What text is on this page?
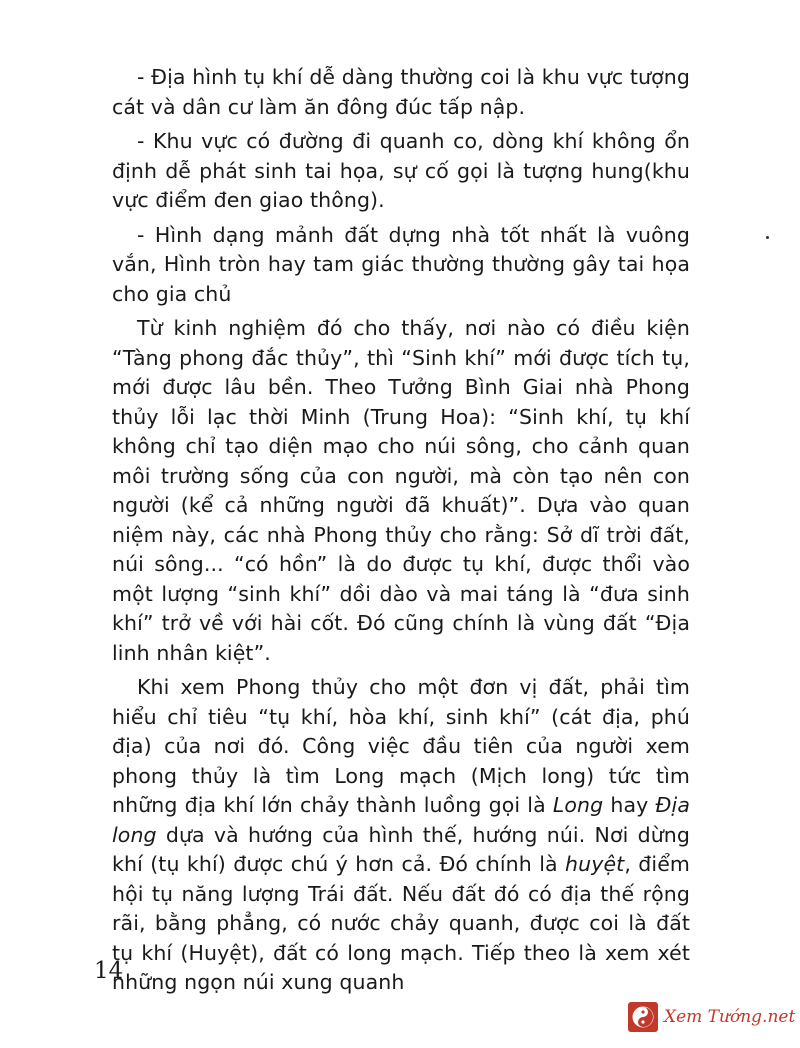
- Địa hình tụ khí dễ dàng thường coi là khu vực tượng cát và dân cư làm ăn đông đúc tấp nập.

- Khu vực có đường đi quanh co, dòng khí không ổn định dễ phát sinh tai họa, sự cố gọi là tượng hung(khu vực điểm đen giao thông).

- Hình dạng mảnh đất dựng nhà tốt nhất là vuông vắn, Hình tròn hay tam giác thường thường gây tai họa cho gia chủ

Từ kinh nghiệm đó cho thấy, nơi nào có điều kiện “Tàng phong đắc thủy”, thì “Sinh khí” mới được tích tụ, mới được lâu bền. Theo Tưởng Bình Giai nhà Phong thủy lỗi lạc thời Minh (Trung Hoa): “Sinh khí, tụ khí không chỉ tạo diện mạo cho núi sông, cho cảnh quan môi trường sống của con người, mà còn tạo nên con người (kể cả những người đã khuất)”. Dựa vào quan niệm này, các nhà Phong thủy cho rằng: Sở dĩ trời đất, núi sông... “có hồn” là do được tụ khí, được thổi vào một lượng “sinh khí” dồi dào và mai táng là “đưa sinh khí” trở về với hài cốt. Đó cũng chính là vùng đất “Địa linh nhân kiệt”.

Khi xem Phong thủy cho một đơn vị đất, phải tìm hiểu chỉ tiêu “tụ khí, hòa khí, sinh khí” (cát địa, phú địa) của nơi đó. Công việc đầu tiên của người xem phong thủy là tìm Long mạch (Mịch long) tức tìm những địa khí lớn chảy thành luồng gọi là Long hay Địa long dựa và hướng của hình thế, hướng núi. Nơi dừng khí (tụ khí) được chú ý hơn cả. Đó chính là huyệt, điểm hội tụ năng lượng Trái đất. Nếu đất đó có địa thế rộng rãi, bằng phẳng, có nước chảy quanh, được coi là đất tụ khí (Huyệt), đất có long mạch. Tiếp theo là xem xét những ngọn núi xung quanh

14
Xem Tướng.net
